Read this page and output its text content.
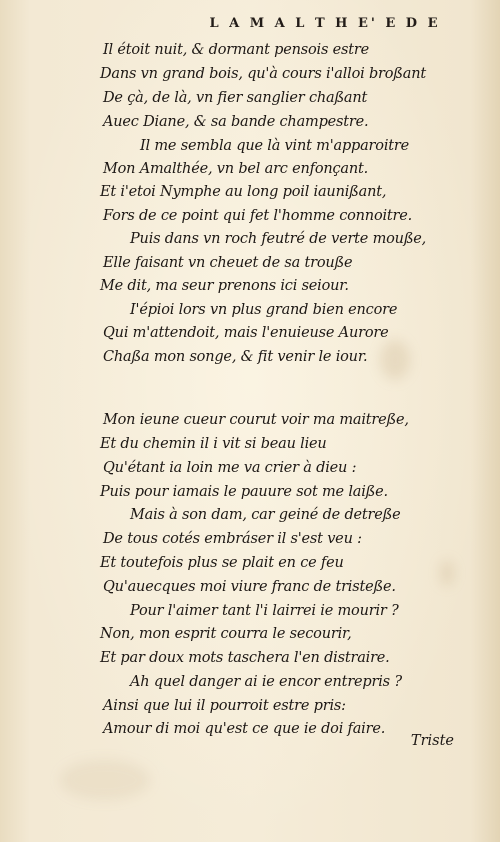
L A M A L T H E' E D E
Il étoit nuit, & dormant pensois estre
Dans vn grand bois, qu'à cours i'alloi broßant
De çà, de là, vn fier sanglier chaßant
Auec Diane, & sa bande champestre.
Il me sembla que là vint m'apparoitre
Mon Amalthée, vn bel arc enfonçant.
Et i'etoi Nymphe au long poil iaunißant,
Fors de ce point qui fet l'homme connoitre.
Puis dans vn roch feutré de verte mouße,
Elle faisant vn cheuet de sa trouße
Me dit, ma seur prenons ici seiour.
I'épioi lors vn plus grand bien encore
Qui m'attendoit, mais l'enuieuse Aurore
Chaßa mon songe, & fit venir le iour.
Mon ieune cueur courut voir ma maitreße,
Et du chemin il i vit si beau lieu
Qu'étant ia loin me va crier à dieu :
Puis pour iamais le pauure sot me laiße.
Mais à son dam, car geiné de detreße
De tous cotés embráser il s'est veu :
Et toutefois plus se plait en ce feu
Qu'auecques moi viure franc de tristeße.
Pour l'aimer tant l'i lairrei ie mourir ?
Non, mon esprit courra le secourir,
Et par doux mots taschera l'en distraire.
Ah quel danger ai ie encor entrepris ?
Ainsi que lui il pourroit estre pris:
Amour di moi qu'est ce que ie doi faire.
Triste
